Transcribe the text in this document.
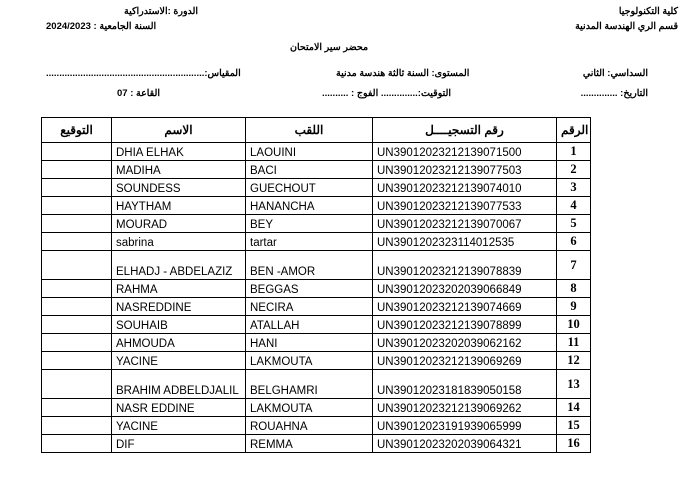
كلية التكنولوجيا
قسم الري الهندسة المدنية
الدورة :الاستدراكية
السنة الجامعية : 2024/2023
محضر سير الامتحان
السداسي: الثاني
المستوى: السنة ثالثة هندسة مدنية
المقياس:............................................................
التاريخ: ..............
التوقيت:.............. الفوج : ..........
القاعة : 07
التوقيع	الاسم	اللقب	رقم التسجيــــل	الرقم
	DHIA ELHAK	LAOUINI	UN39012023212139071500	1
	MADIHA	BACI	UN39012023212139077503	2
	SOUNDESS	GUECHOUT	UN39012023212139074010	3
	HAYTHAM	HANANCHA	UN39012023212139077533	4
	MOURAD	BEY	UN39012023212139070067	5
	sabrina	tartar	UN3901202323114012535	6
	ELHADJ - ABDELAZIZ	BEN -AMOR	UN39012023212139078839	7
	RAHMA	BEGGAS	UN39012023202039066849	8
	NASREDDINE	NECIRA	UN39012023212139074669	9
	SOUHAIB	ATALLAH	UN39012023212139078899	10
	AHMOUDA	HANI	UN39012023202039062162	11
	YACINE	LAKMOUTA	UN39012023212139069269	12
	BRAHIM ADBELDJALIL	BELGHAMRI	UN39012023181839050158	13
	NASR EDDINE	LAKMOUTA	UN39012023212139069262	14
	YACINE	ROUAHNA	UN39012023191939065999	15
	DIF	REMMA	UN39012023202039064321	16
